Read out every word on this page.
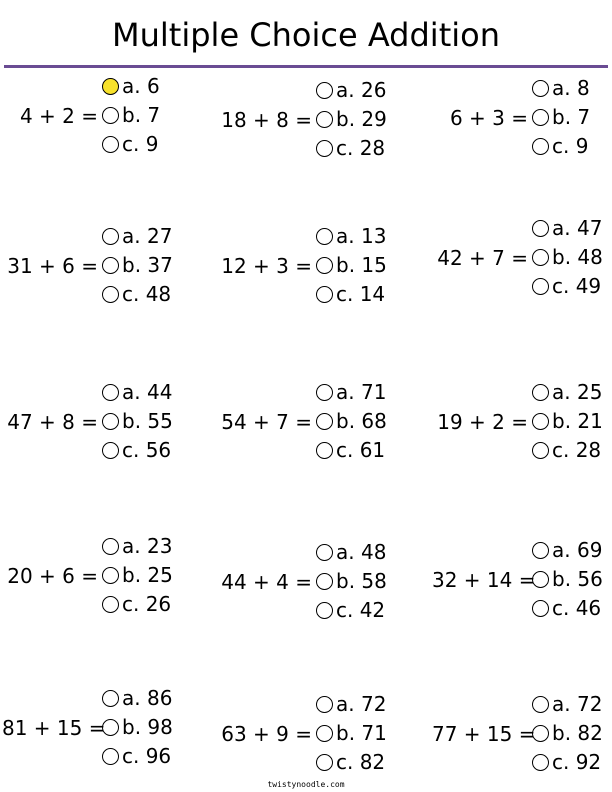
Multiple Choice Addition
4 + 2 =
a. 6
b. 7
c. 9
18 + 8 =
a. 26
b. 29
c. 28
6 + 3 =
a. 8
b. 7
c. 9
31 + 6 =
a. 27
b. 37
c. 48
12 + 3 =
a. 13
b. 15
c. 14
42 + 7 =
a. 47
b. 48
c. 49
47 + 8 =
a. 44
b. 55
c. 56
54 + 7 =
a. 71
b. 68
c. 61
19 + 2 =
a. 25
b. 21
c. 28
20 + 6 =
a. 23
b. 25
c. 26
44 + 4 =
a. 48
b. 58
c. 42
32 + 14 =
a. 69
b. 56
c. 46
81 + 15 =
a. 86
b. 98
c. 96
63 + 9 =
a. 72
b. 71
c. 82
77 + 15 =
a. 72
b. 82
c. 92
twistynoodle.com
